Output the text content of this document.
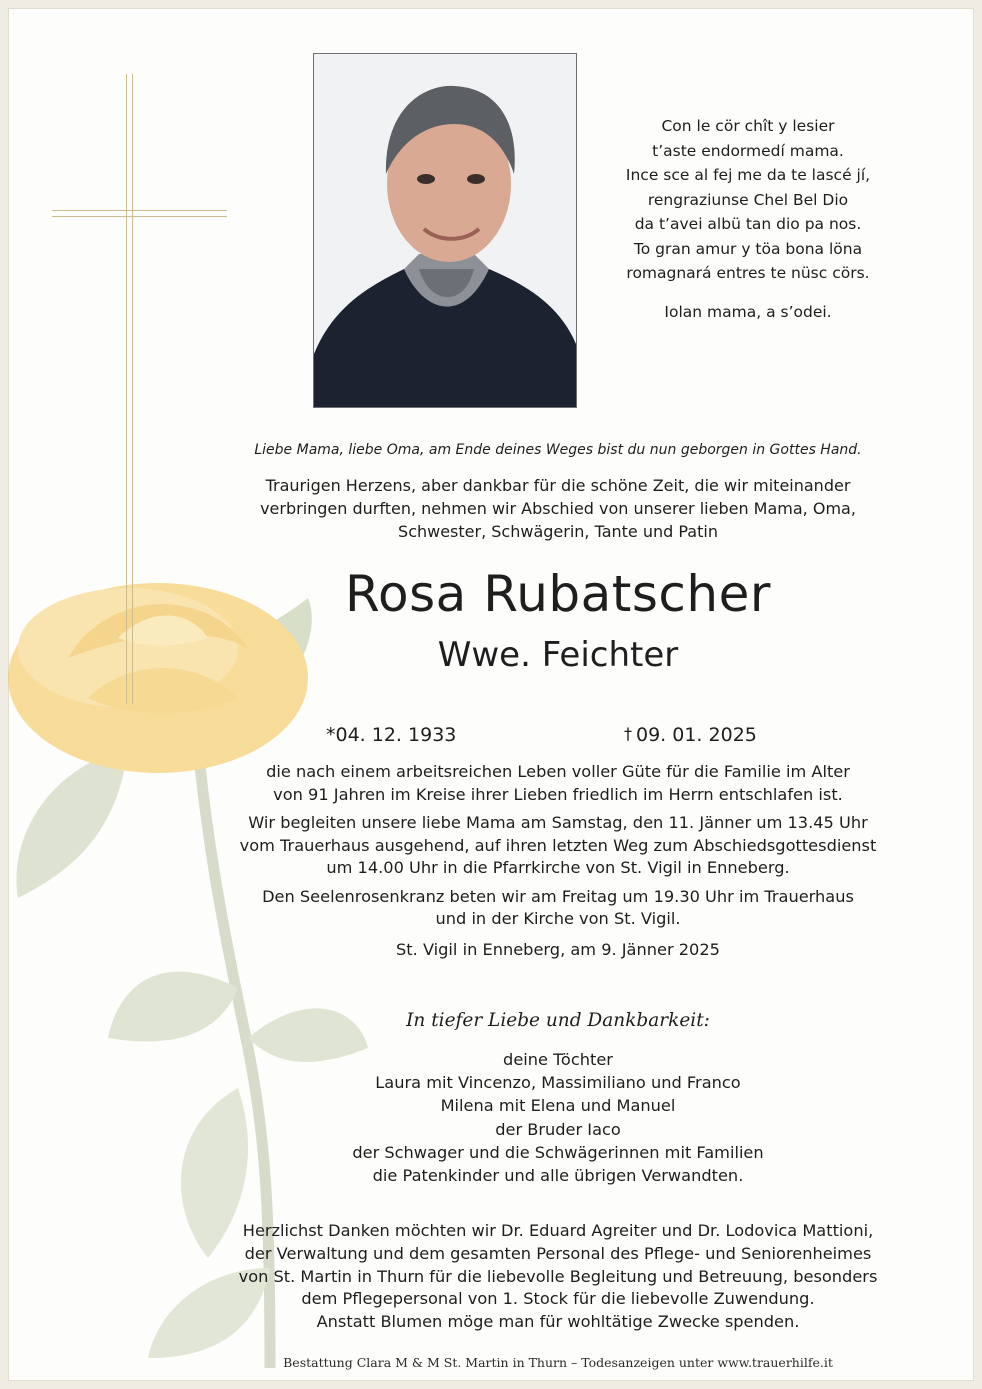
Con le cör chît y lesier

t’aste endormedí mama.

Ince sce al fej me da te lascé jí,

rengraziunse Chel Bel Dio

da t’avei albü tan dio pa nos.

To gran amur y töa bona löna

romagnará entres te nüsc cörs.

Iolan mama, a s’odei.

Liebe Mama, liebe Oma, am Ende deines Weges bist du nun geborgen in Gottes Hand.

Traurigen Herzens, aber dankbar für die schöne Zeit, die wir miteinander

verbringen durften, nehmen wir Abschied von unserer lieben Mama, Oma,

Schwester, Schwägerin, Tante und Patin

Rosa Rubatscher
Wwe. Feichter
*04. 12. 1933	† 09. 01. 2025

die nach einem arbeitsreichen Leben voller Güte für die Familie im Alter
von 91 Jahren im Kreise ihrer Lieben friedlich im Herrn entschlafen ist.

Wir begleiten unsere liebe Mama am Samstag, den 11. Jänner um 13.45 Uhr
vom Trauerhaus ausgehend, auf ihren letzten Weg zum Abschiedsgottesdienst
um 14.00 Uhr in die Pfarrkirche von St. Vigil in Enneberg.

Den Seelenrosenkranz beten wir am Freitag um 19.30 Uhr im Trauerhaus
und in der Kirche von St. Vigil.

St. Vigil in Enneberg, am 9. Jänner 2025

In tiefer Liebe und Dankbarkeit:

deine Töchter

Laura mit Vincenzo, Massimiliano und Franco

Milena mit Elena und Manuel

der Bruder Iaco

der Schwager und die Schwägerinnen mit Familien

die Patenkinder und alle übrigen Verwandten.

Herzlichst Danken möchten wir Dr. Eduard Agreiter und Dr. Lodovica Mattioni,

der Verwaltung und dem gesamten Personal des Pflege- und Seniorenheimes

von St. Martin in Thurn für die liebevolle Begleitung und Betreuung, besonders

dem Pflegepersonal von 1. Stock für die liebevolle Zuwendung.

Anstatt Blumen möge man für wohltätige Zwecke spenden.

Bestattung Clara M & M St. Martin in Thurn – Todesanzeigen unter www.trauerhilfe.it
